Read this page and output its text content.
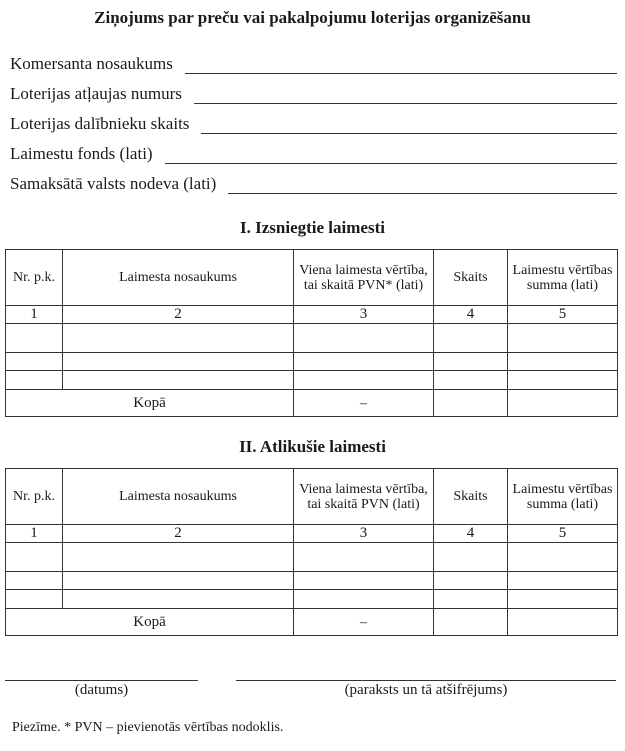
Ziņojums par preču vai pakalpojumu loterijas organizēšanu
Komersanta nosaukums
Loterijas atļaujas numurs
Loterijas dalībnieku skaits
Laimestu fonds (lati)
Samaksātā valsts nodeva (lati)
I. Izsniegtie laimesti
Nr. p.k.	Laimesta nosaukums	Viena laimesta vērtība, tai skaitā PVN* (lati)	Skaits	Laimestu vērtības summa (lati)
1	2	3	4	5

Kopā		–		
II. Atlikušie laimesti
Nr. p.k.	Laimesta nosaukums	Viena laimesta vērtība, tai skaitā PVN (lati)	Skaits	Laimestu vērtības summa (lati)
1	2	3	4	5

Kopā		–		
(datums)	(paraksts un tā atšifrējums)
Piezīme. * PVN – pievienotās vērtības nodoklis.
